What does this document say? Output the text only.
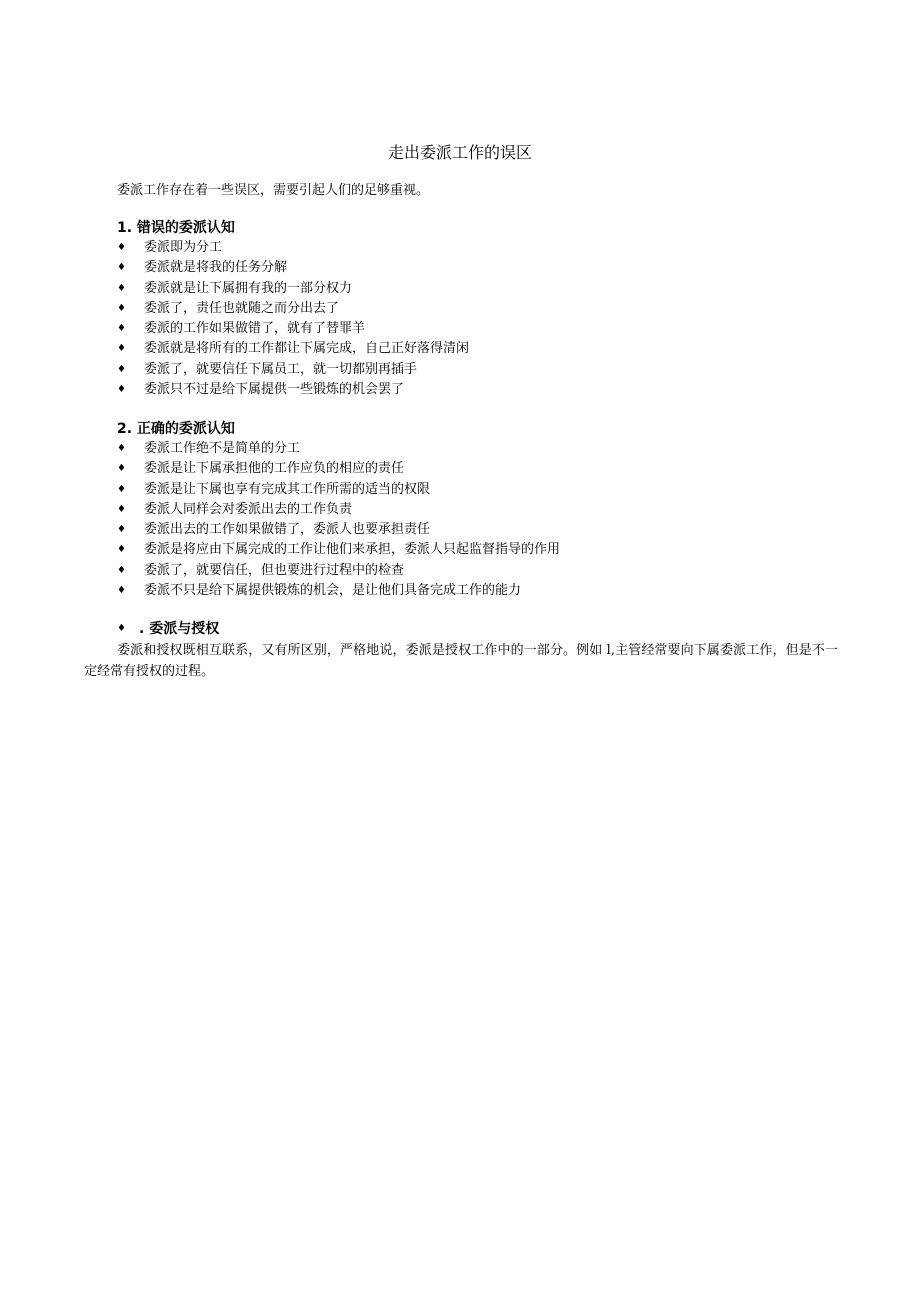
走出委派工作的误区
委派工作存在着一些误区，需要引起人们的足够重视。
1. 错误的委派认知
♦ 委派即为分工
♦ 委派就是将我的任务分解
♦ 委派就是让下属拥有我的一部分权力
♦ 委派了，责任也就随之而分出去了
♦ 委派的工作如果做错了，就有了替罪羊
♦ 委派就是将所有的工作都让下属完成，自己正好落得清闲
♦ 委派了，就要信任下属员工，就一切都别再插手
♦ 委派只不过是给下属提供一些锻炼的机会罢了
2. 正确的委派认知
♦ 委派工作绝不是简单的分工
♦ 委派是让下属承担他的工作应负的相应的责任
♦ 委派是让下属也享有完成其工作所需的适当的权限
♦ 委派人同样会对委派出去的工作负责
♦ 委派出去的工作如果做错了，委派人也要承担责任
♦ 委派是将应由下属完成的工作让他们来承担，委派人只起监督指导的作用
♦ 委派了，就要信任，但也要进行过程中的检查
♦ 委派不只是给下属提供锻炼的机会，是让他们具备完成工作的能力
♦ . 委派与授权
委派和授权既相互联系，又有所区别，严格地说，委派是授权工作中的一部分。例如 l,主管经常要向下属委派工作，但是不一定经常有授权的过程。
